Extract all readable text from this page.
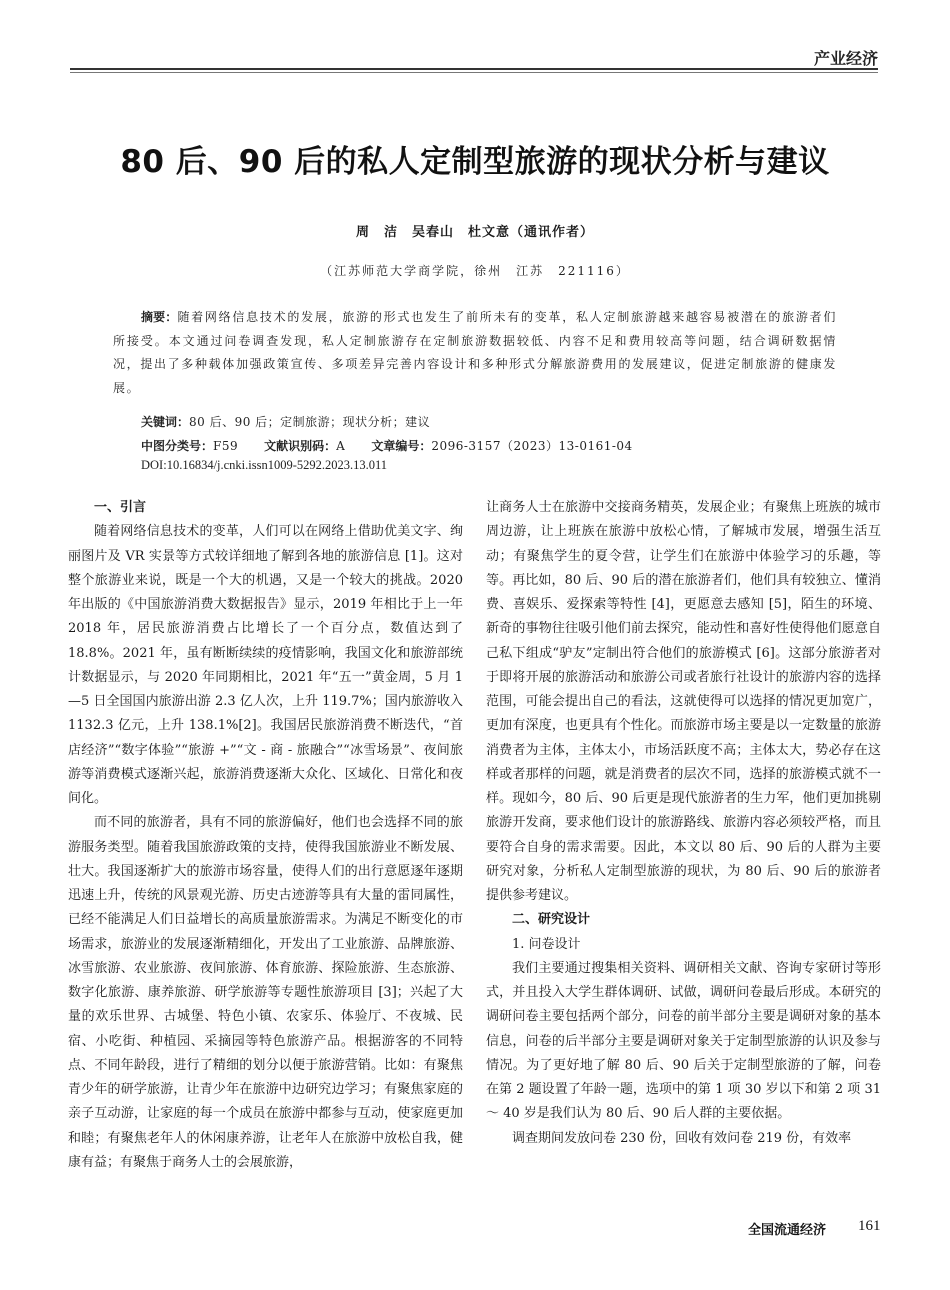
产业经济
80 后、90 后的私人定制型旅游的现状分析与建议
周　洁　吴春山　杜文意（通讯作者）
（江苏师范大学商学院，徐州　江苏　221116）

摘要：随着网络信息技术的发展，旅游的形式也发生了前所未有的变革，私人定制旅游越来越容易被潜在的旅游者们所接受。本文通过问卷调查发现，私人定制旅游存在定制旅游数据较低、内容不足和费用较高等问题，结合调研数据情况，提出了多种载体加强政策宣传、多项差异完善内容设计和多种形式分解旅游费用的发展建议，促进定制旅游的健康发展。

关键词：80 后、90 后；定制旅游；现状分析；建议

中图分类号：F59 文献识别码：A 文章编号：2096-3157（2023）13-0161-04

DOI:10.16834/j.cnki.issn1009-5292.2023.13.011

一、引言

随着网络信息技术的变革，人们可以在网络上借助优美文字、绚丽图片及 VR 实景等方式较详细地了解到各地的旅游信息 [1]。这对整个旅游业来说，既是一个大的机遇，又是一个较大的挑战。2020 年出版的《中国旅游消费大数据报告》显示，2019 年相比于上一年 2018 年，居民旅游消费占比增长了一个百分点，数值达到了 18.8%。2021 年，虽有断断续续的疫情影响，我国文化和旅游部统计数据显示，与 2020 年同期相比，2021 年“五一”黄金周，5 月 1—5 日全国国内旅游出游 2.3 亿人次，上升 119.7%；国内旅游收入 1132.3 亿元，上升 138.1%[2]。我国居民旅游消费不断迭代，“首店经济”“数字体验”“旅游 +”“文 - 商 - 旅融合”“冰雪场景”、夜间旅游等消费模式逐渐兴起，旅游消费逐渐大众化、区域化、日常化和夜间化。

而不同的旅游者，具有不同的旅游偏好，他们也会选择不同的旅游服务类型。随着我国旅游政策的支持，使得我国旅游业不断发展、壮大。我国逐渐扩大的旅游市场容量，使得人们的出行意愿逐年逐期迅速上升，传统的风景观光游、历史古迹游等具有大量的雷同属性，已经不能满足人们日益增长的高质量旅游需求。为满足不断变化的市场需求，旅游业的发展逐渐精细化，开发出了工业旅游、品牌旅游、冰雪旅游、农业旅游、夜间旅游、体育旅游、探险旅游、生态旅游、数字化旅游、康养旅游、研学旅游等专题性旅游项目 [3]；兴起了大量的欢乐世界、古城堡、特色小镇、农家乐、体验厅、不夜城、民宿、小吃街、种植园、采摘园等特色旅游产品。根据游客的不同特点、不同年龄段，进行了精细的划分以便于旅游营销。比如：有聚焦青少年的研学旅游，让青少年在旅游中边研究边学习；有聚焦家庭的亲子互动游，让家庭的每一个成员在旅游中都参与互动，使家庭更加和睦；有聚焦老年人的休闲康养游，让老年人在旅游中放松自我，健康有益；有聚焦于商务人士的会展旅游，

让商务人士在旅游中交接商务精英，发展企业；有聚焦上班族的城市周边游，让上班族在旅游中放松心情，了解城市发展，增强生活互动；有聚焦学生的夏令营，让学生们在旅游中体验学习的乐趣，等等。再比如，80 后、90 后的潜在旅游者们，他们具有较独立、懂消费、喜娱乐、爱探索等特性 [4]，更愿意去感知 [5]，陌生的环境、新奇的事物往往吸引他们前去探究，能动性和喜好性使得他们愿意自己私下组成“驴友”定制出符合他们的旅游模式 [6]。这部分旅游者对于即将开展的旅游活动和旅游公司或者旅行社设计的旅游内容的选择范围，可能会提出自己的看法，这就使得可以选择的情况更加宽广，更加有深度，也更具有个性化。而旅游市场主要是以一定数量的旅游消费者为主体，主体太小，市场活跃度不高；主体太大，势必存在这样或者那样的问题，就是消费者的层次不同，选择的旅游模式就不一样。现如今，80 后、90 后更是现代旅游者的生力军，他们更加挑剔旅游开发商，要求他们设计的旅游路线、旅游内容必须较严格，而且要符合自身的需求需要。因此，本文以 80 后、90 后的人群为主要研究对象，分析私人定制型旅游的现状，为 80 后、90 后的旅游者提供参考建议。

二、研究设计

1. 问卷设计

我们主要通过搜集相关资料、调研相关文献、咨询专家研讨等形式，并且投入大学生群体调研、试做，调研问卷最后形成。本研究的调研问卷主要包括两个部分，问卷的前半部分主要是调研对象的基本信息，问卷的后半部分主要是调研对象关于定制型旅游的认识及参与情况。为了更好地了解 80 后、90 后关于定制型旅游的了解，问卷在第 2 题设置了年龄一题，选项中的第 1 项 30 岁以下和第 2 项 31 ～ 40 岁是我们认为 80 后、90 后人群的主要依据。

调查期间发放问卷 230 份，回收有效问卷 219 份，有效率

全国流通经济 161
